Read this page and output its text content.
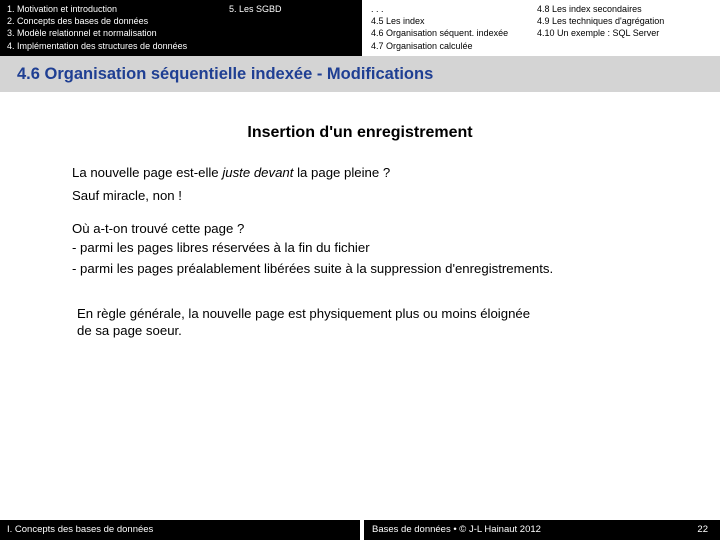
1. Motivation et introduction
2. Concepts des bases de données
3. Modèle relationnel et normalisation
4. Implémentation des structures de données
5. Les SGBD	. . .
4.5 Les index
4.6 Organisation séquent. indexée
4.7 Organisation calculée
4.8 Les index secondaires
4.9 Les techniques d'agrégation
4.10 Un exemple : SQL Server
4.6 Organisation séquentielle indexée - Modifications
Insertion d'un enregistrement

La nouvelle page est-elle juste devant la page pleine ?

Sauf miracle, non !

Où a-t-on trouvé cette page ?

- parmi les pages libres réservées à la fin du fichier

- parmi les pages préalablement libérées suite à la suppression d'enregistrements.

En règle générale, la nouvelle page est physiquement plus ou moins éloignée

de sa page soeur.

I. Concepts des bases de données	Bases de données • © J-L Hainaut 2012	22
